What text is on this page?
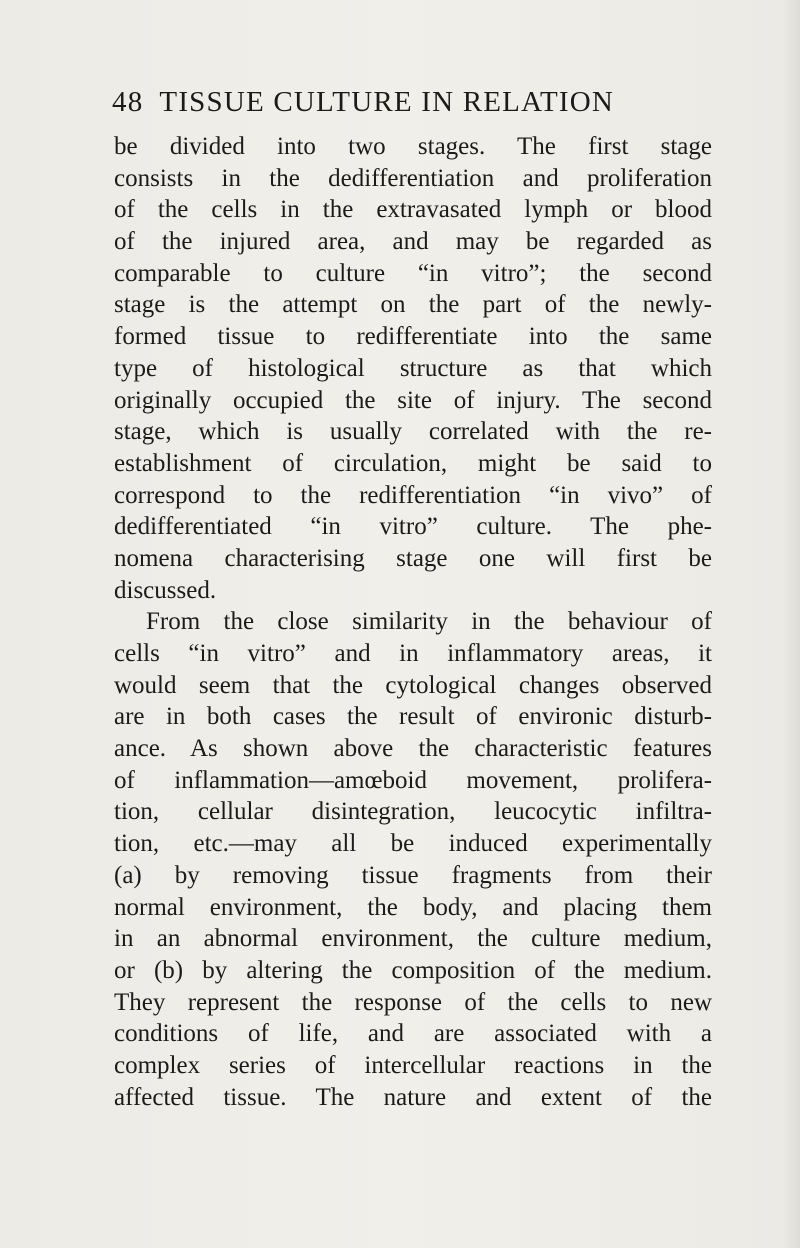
48 TISSUE CULTURE IN RELATION
be divided into two stages. The first stage
consists in the dedifferentiation and proliferation
of the cells in the extravasated lymph or blood
of the injured area, and may be regarded as
comparable to culture “in vitro”; the second
stage is the attempt on the part of the newly-
formed tissue to redifferentiate into the same
type of histological structure as that which
originally occupied the site of injury. The second
stage, which is usually correlated with the re-
establishment of circulation, might be said to
correspond to the redifferentiation “in vivo” of
dedifferentiated “in vitro” culture. The phe-
nomena characterising stage one will first be
discussed.
From the close similarity in the behaviour of
cells “in vitro” and in inflammatory areas, it
would seem that the cytological changes observed
are in both cases the result of environic disturb-
ance. As shown above the characteristic features
of inflammation—amœboid movement, prolifera-
tion, cellular disintegration, leucocytic infiltra-
tion, etc.—may all be induced experimentally
(a) by removing tissue fragments from their
normal environment, the body, and placing them
in an abnormal environment, the culture medium,
or (b) by altering the composition of the medium.
They represent the response of the cells to new
conditions of life, and are associated with a
complex series of intercellular reactions in the
affected tissue. The nature and extent of the
